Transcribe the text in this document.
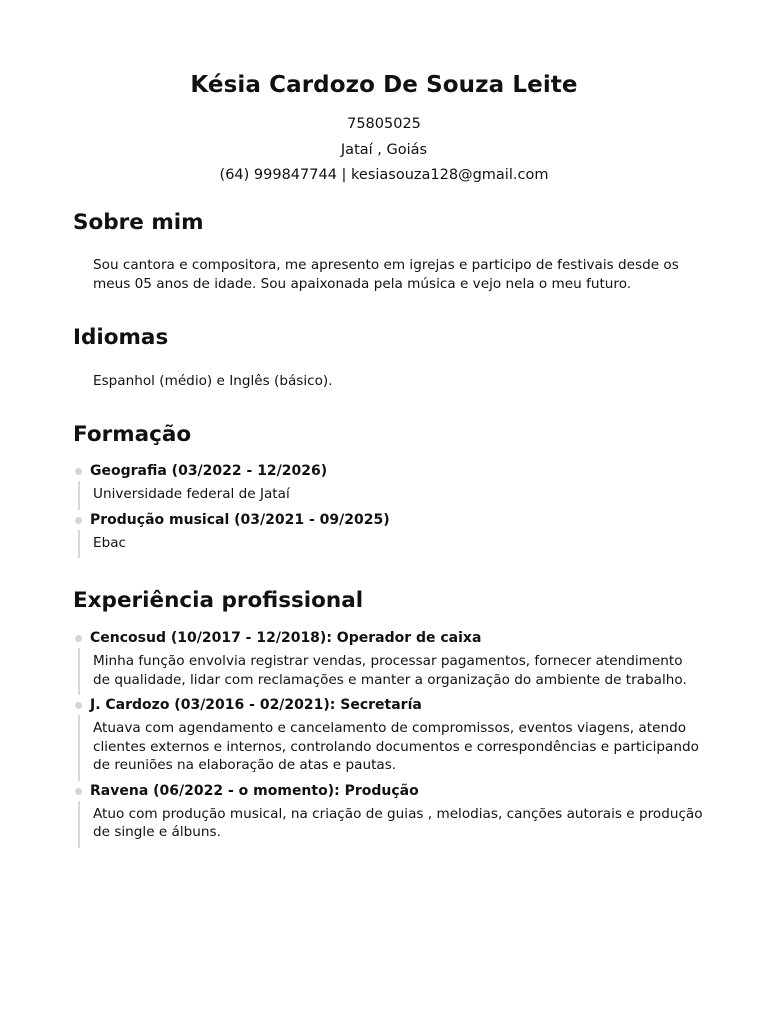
Késia Cardozo De Souza Leite

75805025

Jataí , Goiás

(64) 999847744 | kesiasouza128@gmail.com

Sobre mim

Sou cantora e compositora, me apresento em igrejas e participo de festivais desde os meus 05 anos de idade. Sou apaixonada pela música e vejo nela o meu futuro.

Idiomas

Espanhol (médio) e Inglês (básico).

Formação

Geografia (03/2022 - 12/2026)

Universidade federal de Jataí

Produção musical (03/2021 - 09/2025)

Ebac
Experiência profissional

Cencosud (10/2017 - 12/2018): Operador de caixa

Minha função envolvia registrar vendas, processar pagamentos, fornecer atendimento de qualidade, lidar com reclamações e manter a organização do ambiente de trabalho.

J. Cardozo (03/2016 - 02/2021): Secretaría

Atuava com agendamento e cancelamento de compromissos, eventos viagens, atendo clientes externos e internos, controlando documentos e correspondências e participando de reuniões na elaboração de atas e pautas.

Ravena (06/2022 - o momento): Produção

Atuo com produção musical, na criação de guias , melodias, canções autorais e produção de single e álbuns.
